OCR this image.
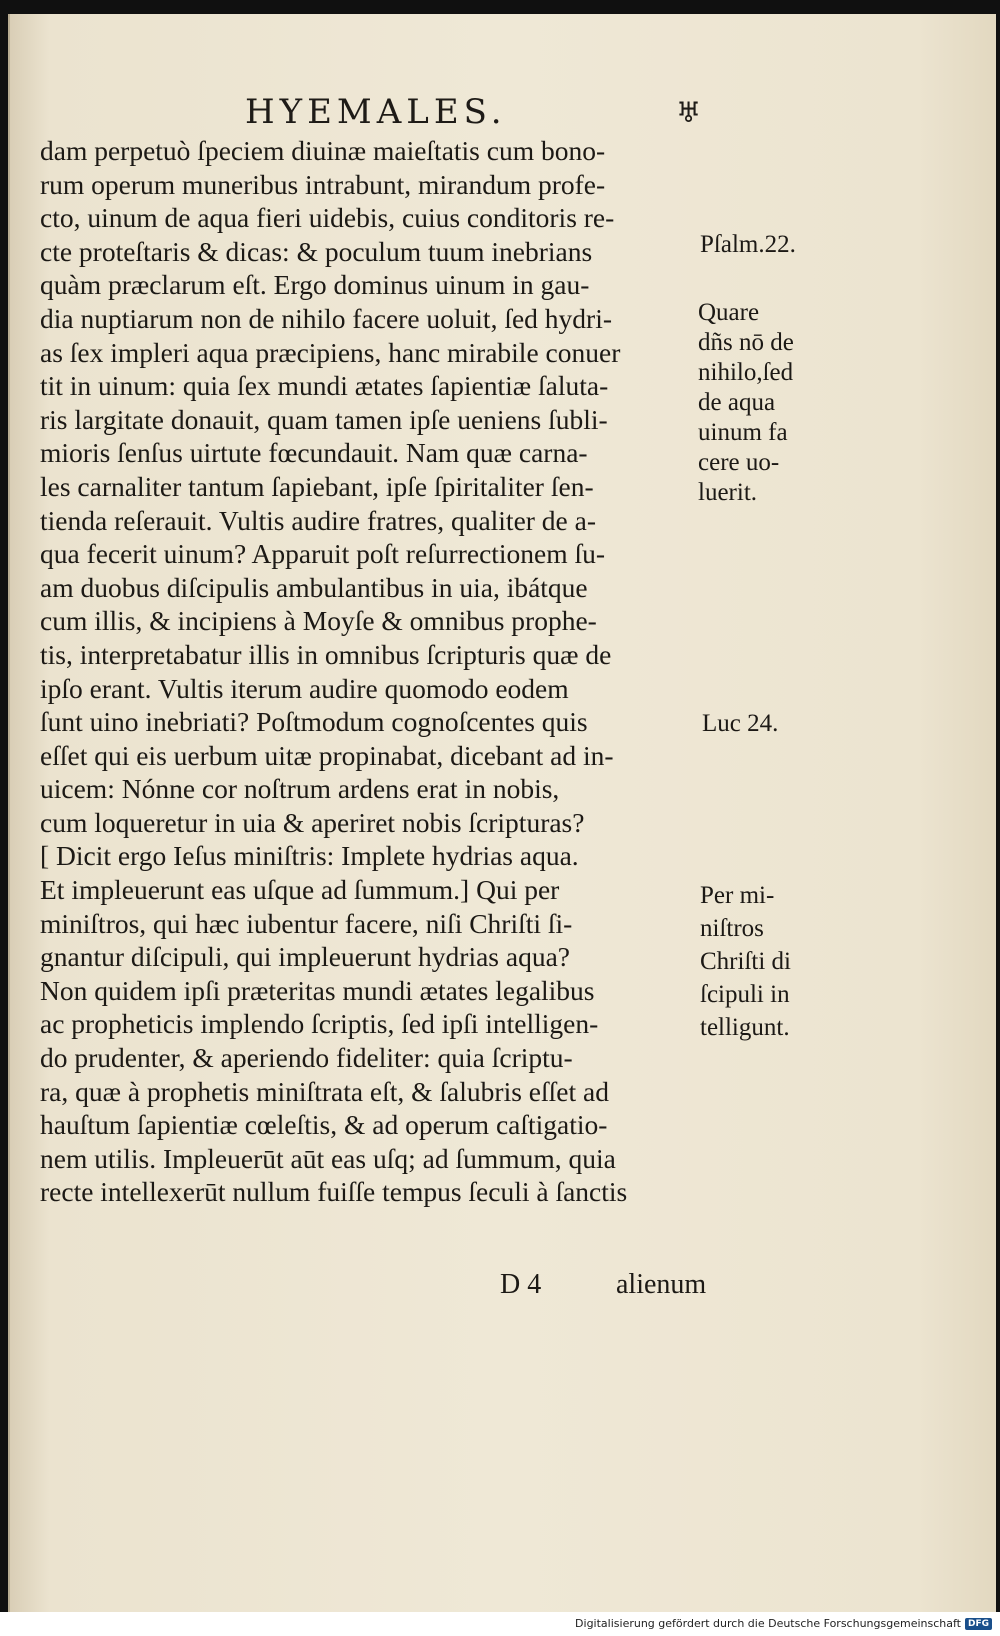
HYEMALES.	♅
dam perpetuò ſpeciem diuinæ maieſtatis cum bono-
rum operum muneribus intrabunt, mirandum profe-
cto, uinum de aqua fieri uidebis, cuius conditoris re-
cte proteſtaris & dicas: & poculum tuum inebrians
quàm præclarum eſt. Ergo dominus uinum in gau-
dia nuptiarum non de nihilo facere uoluit, ſed hydri-
as ſex impleri aqua præcipiens, hanc mirabile conuer
tit in uinum: quia ſex mundi ætates ſapientiæ ſaluta-
ris largitate donauit, quam tamen ipſe ueniens ſubli-
mioris ſenſus uirtute fœcundauit. Nam quæ carna-
les carnaliter tantum ſapiebant, ipſe ſpiritaliter ſen-
tienda reſerauit. Vultis audire fratres, qualiter de a-
qua fecerit uinum? Apparuit poſt reſurrectionem ſu-
am duobus diſcipulis ambulantibus in uia, ibátque
cum illis, & incipiens à Moyſe & omnibus prophe-
tis, interpretabatur illis in omnibus ſcripturis quæ de
ipſo erant. Vultis iterum audire quomodo eodem
ſunt uino inebriati? Poſtmodum cognoſcentes quis
eſſet qui eis uerbum uitæ propinabat, dicebant ad in-
uicem: Nónne cor noſtrum ardens erat in nobis,
cum loqueretur in uia & aperiret nobis ſcripturas?
[ Dicit ergo Ieſus miniſtris: Implete hydrias aqua.
Et impleuerunt eas uſque ad ſummum.] Qui per
miniſtros, qui hæc iubentur facere, niſi Chriſti ſi-
gnantur diſcipuli, qui impleuerunt hydrias aqua?
Non quidem ipſi præteritas mundi ætates legalibus
ac propheticis implendo ſcriptis, ſed ipſi intelligen-
do prudenter, & aperiendo fideliter: quia ſcriptu-
ra, quæ à prophetis miniſtrata eſt, & ſalubris eſſet ad
hauſtum ſapientiæ cœleſtis, & ad operum caſtigatio-
nem utilis. Impleuerūt aūt eas uſq; ad ſummum, quia
recte intellexerūt nullum fuiſſe tempus ſeculi à ſanctis
Pſalm.22.
Quare
dñs nō de
nihilo,ſed
de aqua
uinum fa
cere uo-
luerit.
Luc 24.
Per mi-
niſtros
Chriſti di
ſcipuli in
telligunt.
D 4	alienum
Digitalisierung gefördert durch die Deutsche Forschungsgemeinschaft DFG
